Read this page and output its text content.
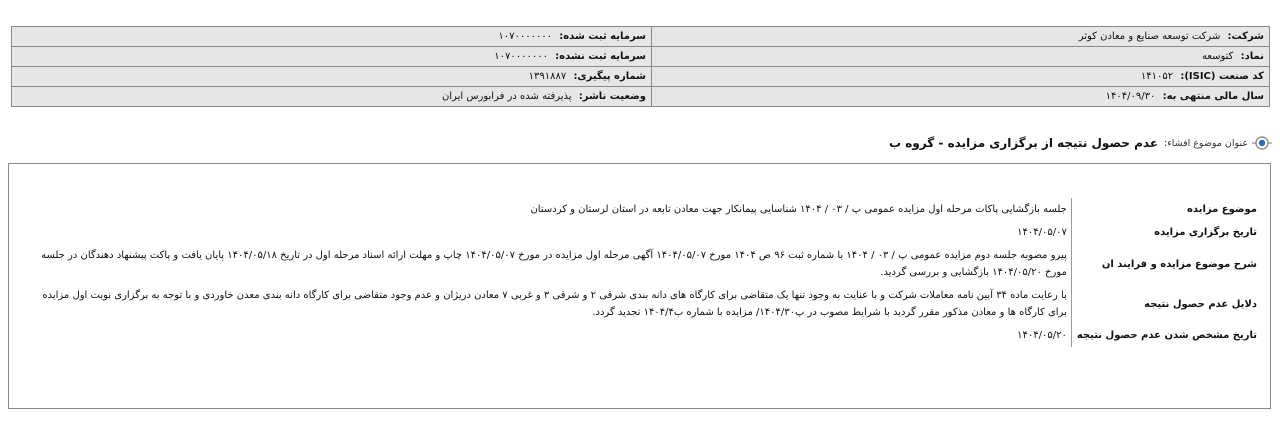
شرکت: شرکت توسعه صنایع و معادن کوثر	سرمایه ثبت شده: ۱۰۷۰۰۰۰۰۰۰
نماد: کتوسعه	سرمایه ثبت نشده: ۱۰۷۰۰۰۰۰۰۰
کد صنعت (ISIC): ۱۴۱۰۵۲	شماره پیگیری: ۱۳۹۱۸۸۷
سال مالی منتهی به: ۱۴۰۴/۰۹/۳۰	وضعیت ناشر: پذیرفته شده در فرابورس ایران
عنوان موضوع افشاء:
عدم حصول نتیجه از برگزاری مزایده - گروه ب
موضوع مزایده	جلسه بازگشایی پاکات مرحله اول مزایده عمومی پ / ۰۳ / ۱۴۰۴ شناسایی پیمانکار جهت معادن تابعه در استان لرستان و کردستان
تاریخ برگزاری مزایده	۱۴۰۴/۰۵/۰۷
شرح موضوع مزایده و فرایند ان	پیرو مصوبه جلسه دوم مزایده عمومی پ / ۰۳ / ۱۴۰۴ با شماره ثبت ۹۶ ص ۱۴۰۴ مورخ ۱۴۰۴/۰۵/۰۷ آگهی مرحله اول مزایده در مورخ ۱۴۰۴/۰۵/۰۷ چاپ و مهلت ارائه اسناد مرحله اول در تاریخ ۱۴۰۴/۰۵/۱۸ پایان یافت و پاکت پیشنهاد دهندگان در جلسه مورخ ۱۴۰۴/۰۵/۲۰ بازگشایی و بررسی گردید.
دلایل عدم حصول نتیجه	با رعایت ماده ۳۴ آیین نامه معاملات شرکت و با عنایت به وجود تنها یک متقاضی برای کارگاه های دانه بندی شرقی ۲ و شرقی ۳ و غربی ۷ معادن دریژان و عدم وجود متقاضی برای کارگاه دانه بندی معدن خاوردی و با توجه به برگزاری نوبت اول مزایده برای کارگاه ها و معادن مذکور مقرر گردید با شرایط مصوب در پ۱۴۰۴/۳۰/ مزایده با شماره ب۱۴۰۴/۴ تجدید گردد.
تاریخ مشخص شدن عدم حصول نتیجه	۱۴۰۴/۰۵/۲۰
